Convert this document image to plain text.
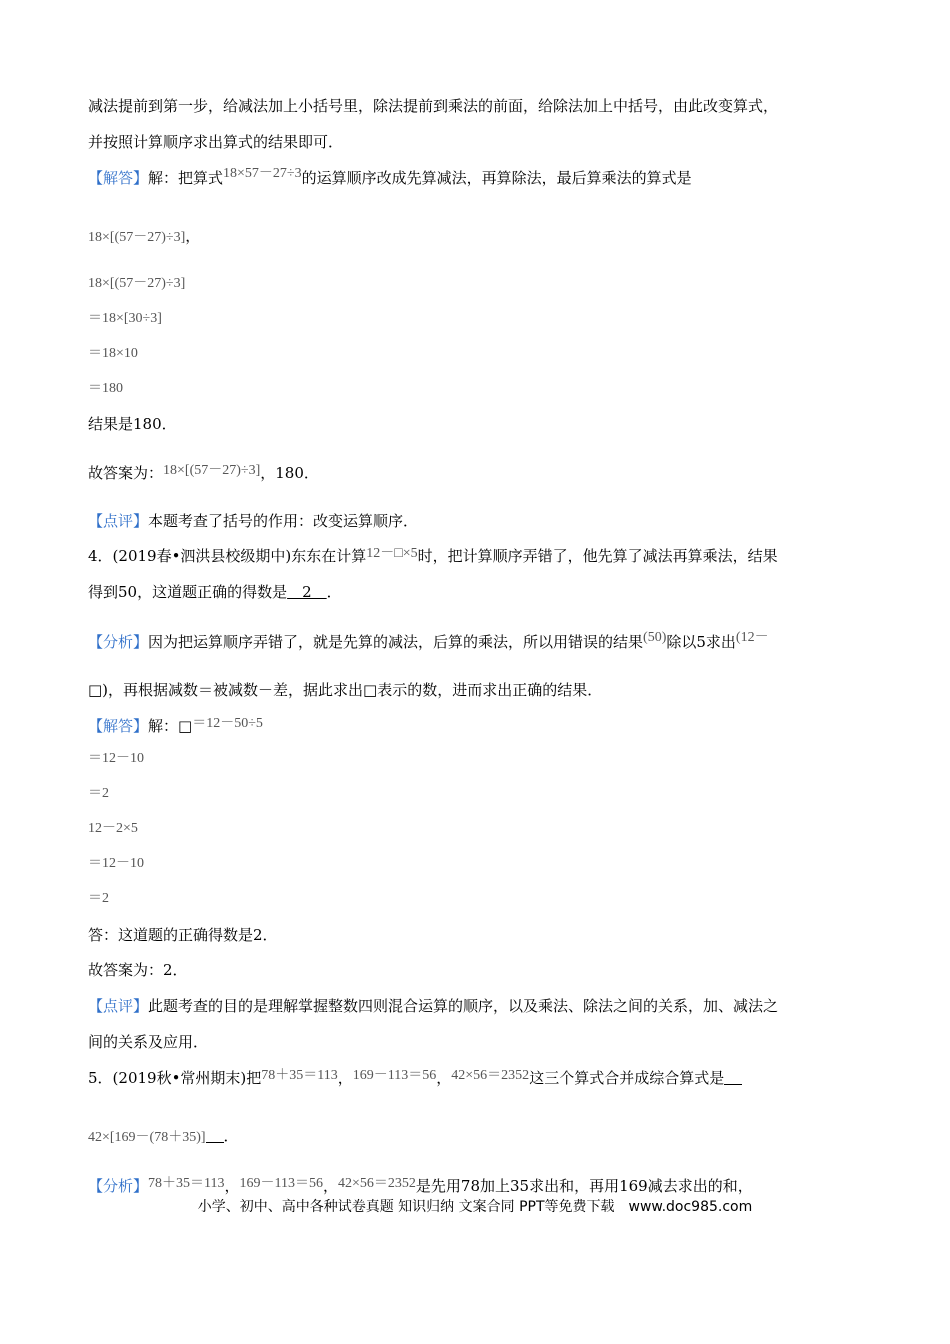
减法提前到第一步，给减法加上小括号里，除法提前到乘法的前面，给除法加上中括号，由此改变算式，
并按照计算顺序求出算式的结果即可．
【解答】解：把算式18×57－27÷3的运算顺序改成先算减法，再算除法，最后算乘法的算式是
18×[(57－27)÷3]，
18×[(57－27)÷3]
＝18×[30÷3]
＝18×10
＝180
结果是180．
故答案为：18×[(57－27)÷3]，180．
【点评】本题考查了括号的作用：改变运算顺序．
4．(2019春•泗洪县校级期中)东东在计算12－□×5时，把计算顺序弄错了，他先算了减法再算乘法，结果
得到50，这道题正确的得数是　2　．
【分析】因为把运算顺序弄错了，就是先算的减法，后算的乘法，所以用错误的结果(50)除以5求出(12－
□)，再根据减数＝被减数－差，据此求出□表示的数，进而求出正确的结果．
【解答】解：□＝12－50÷5
＝12－10
＝2
12－2×5
＝12－10
＝2
答：这道题的正确得数是2．
故答案为：2．
【点评】此题考查的目的是理解掌握整数四则混合运算的顺序，以及乘法、除法之间的关系，加、减法之
间的关系及应用．
5．(2019秋•常州期末)把78＋35＝113，169－113＝56，42×56＝2352这三个算式合并成综合算式是
42×[169－(78＋35)] ．
【分析】78＋35＝113，169－113＝56，42×56＝2352是先用78加上35求出和，再用169减去求出的和，
小学、初中、高中各种试卷真题 知识归纳 文案合同 PPT等免费下载　www.doc985.com
